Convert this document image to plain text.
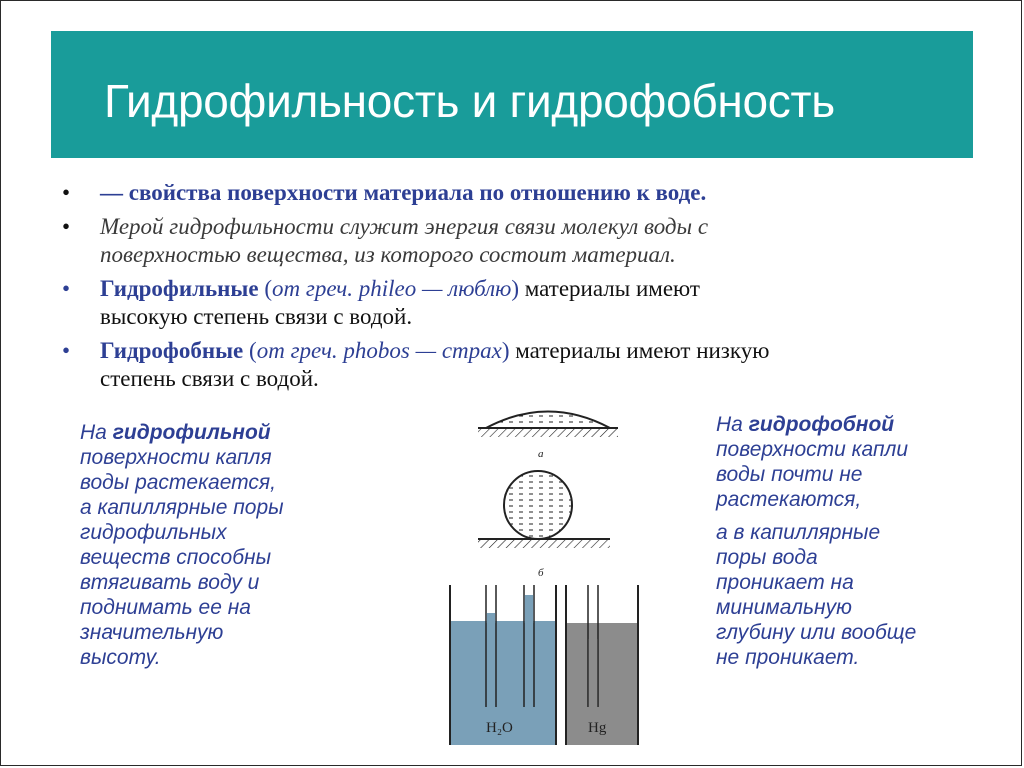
Гидрофильность и гидрофобность
•	— свойства поверхности материала по отношению к воде.
•	Мерой гидрофильности служит энергия связи молекул воды с
поверхностью вещества, из которого состоит материал.
•	Гидрофильные (от греч. phileo — люблю) материалы имеют
высокую степень связи с водой.
•	Гидрофобные (от греч. phobos — страх) материалы имеют низкую
степень связи с водой.
На гидрофильной
поверхности капля
воды растекается,
а капиллярные поры
гидрофильных
веществ способны
втягивать воду и
поднимать ее на
значительную
высоту.

На гидрофобной
поверхности капли
воды почти не
растекаются,

а в капиллярные
поры вода
проникает на
минимальную
глубину или вообще
не проникает.

а
б
H₂O	Hg
